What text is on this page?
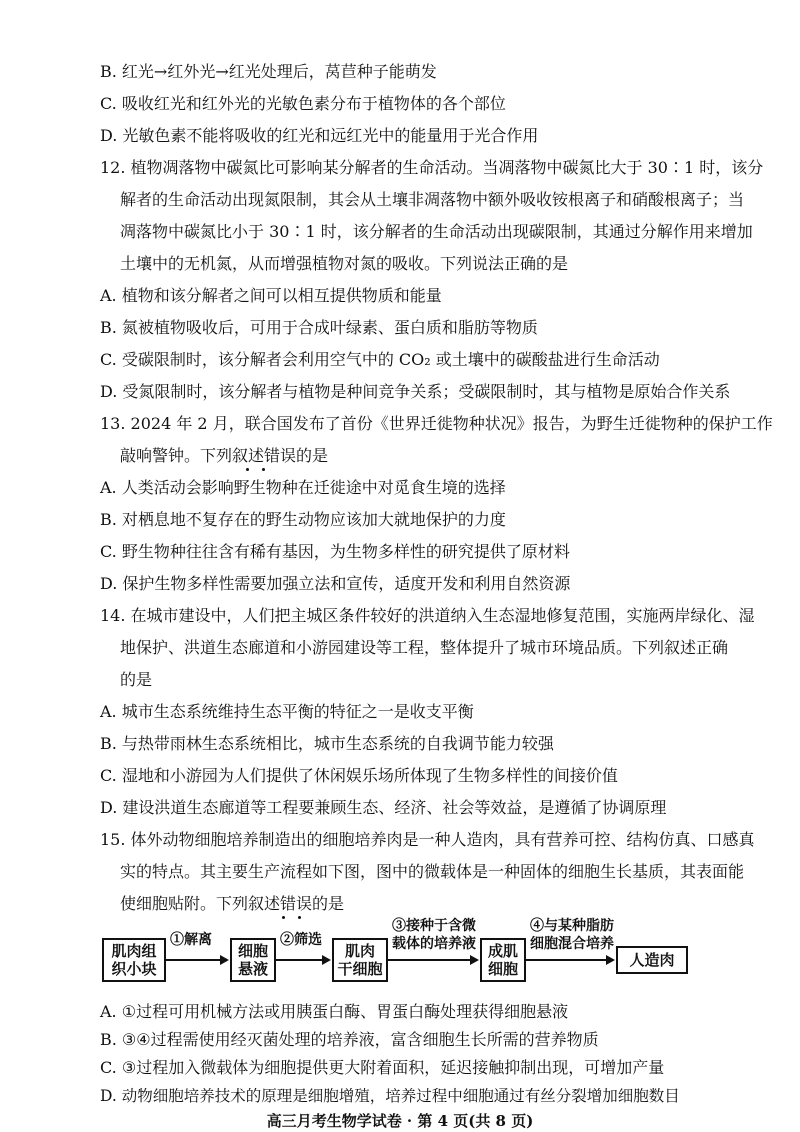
B. 红光→红外光→红光处理后，莴苣种子能萌发
C. 吸收红光和红外光的光敏色素分布于植物体的各个部位
D. 光敏色素不能将吸收的红光和远红光中的能量用于光合作用
12. 植物凋落物中碳氮比可影响某分解者的生命活动。当凋落物中碳氮比大于 30∶1 时，该分
解者的生命活动出现氮限制，其会从土壤非凋落物中额外吸收铵根离子和硝酸根离子；当
凋落物中碳氮比小于 30∶1 时，该分解者的生命活动出现碳限制，其通过分解作用来增加
土壤中的无机氮，从而增强植物对氮的吸收。下列说法正确的是
A. 植物和该分解者之间可以相互提供物质和能量
B. 氮被植物吸收后，可用于合成叶绿素、蛋白质和脂肪等物质
C. 受碳限制时，该分解者会利用空气中的 CO₂ 或土壤中的碳酸盐进行生命活动
D. 受氮限制时，该分解者与植物是种间竞争关系；受碳限制时，其与植物是原始合作关系
13. 2024 年 2 月，联合国发布了首份《世界迁徙物种状况》报告，为野生迁徙物种的保护工作
敲响警钟。下列叙述错误的是
A. 人类活动会影响野生物种在迁徙途中对觅食生境的选择
B. 对栖息地不复存在的野生动物应该加大就地保护的力度
C. 野生物种往往含有稀有基因，为生物多样性的研究提供了原材料
D. 保护生物多样性需要加强立法和宣传，适度开发和利用自然资源
14. 在城市建设中，人们把主城区条件较好的洪道纳入生态湿地修复范围，实施两岸绿化、湿
地保护、洪道生态廊道和小游园建设等工程，整体提升了城市环境品质。下列叙述正确
的是
A. 城市生态系统维持生态平衡的特征之一是收支平衡
B. 与热带雨林生态系统相比，城市生态系统的自我调节能力较强
C. 湿地和小游园为人们提供了休闲娱乐场所体现了生物多样性的间接价值
D. 建设洪道生态廊道等工程要兼顾生态、经济、社会等效益，是遵循了协调原理
15. 体外动物细胞培养制造出的细胞培养肉是一种人造肉，具有营养可控、结构仿真、口感真
实的特点。其主要生产流程如下图，图中的微载体是一种固体的细胞生长基质，其表面能
使细胞贴附。下列叙述错误的是
肌肉组
织小块
①解离
细胞
悬液
②筛选
肌肉
干细胞
③接种于含微
载体的培养液 成肌
细胞
④与某种脂肪
细胞混合培养
人造肉
A. ①过程可用机械方法或用胰蛋白酶、胃蛋白酶处理获得细胞悬液
B. ③④过程需使用经灭菌处理的培养液，富含细胞生长所需的营养物质
C. ③过程加入微载体为细胞提供更大附着面积，延迟接触抑制出现，可增加产量
D. 动物细胞培养技术的原理是细胞增殖，培养过程中细胞通过有丝分裂增加细胞数目
高三月考生物学试卷 · 第 4 页(共 8 页)
